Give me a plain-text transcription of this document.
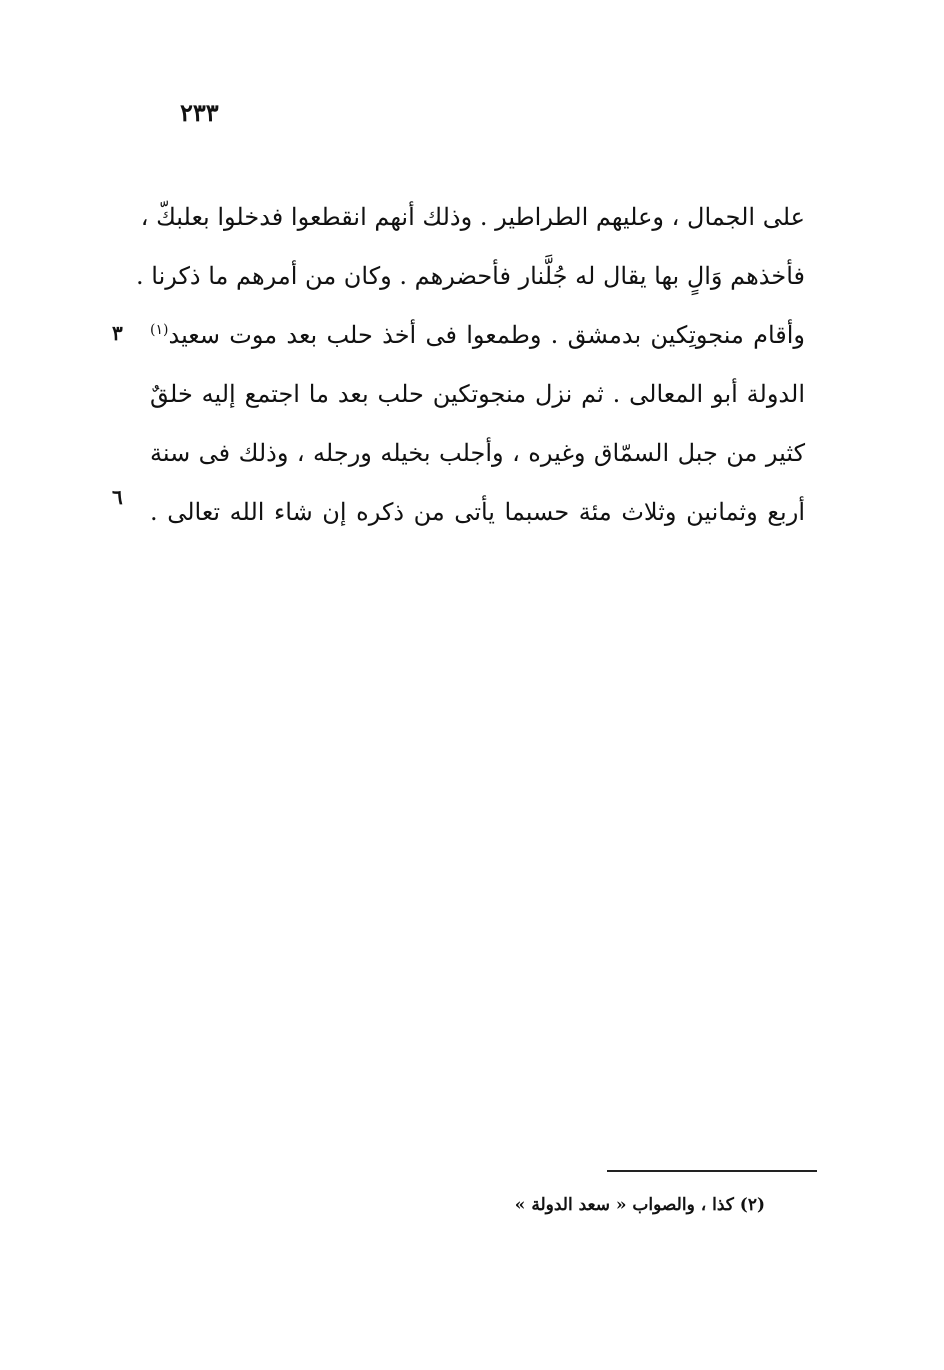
٢٣٣
على الجمال ، وعليهم الطراطير . وذلك أنهم انقطعوا فدخلوا بعلبكّ ،
فأخذهم وَالٍ بها يقال له جُلَّنار فأحضرهم . وكان من أمرهم ما ذكرنا .
وأقام منجوتِكين بدمشق . وطمعوا فى أخذ حلب بعد موت سعيد$^{(١)}$
الدولة أبو المعالى . ثم نزل منجوتكين حلب بعد ما اجتمع إليه خلقٌ
كثير من جبل السمّاق وغيره ، وأجلب بخيله ورجله ، وذلك فى سنة
أربع وثمانين وثلاث مئة حسبما يأتى من ذكره إن شاء الله تعالى .
٣
٦
(٢) كذا ، والصواب « سعد الدولة »
